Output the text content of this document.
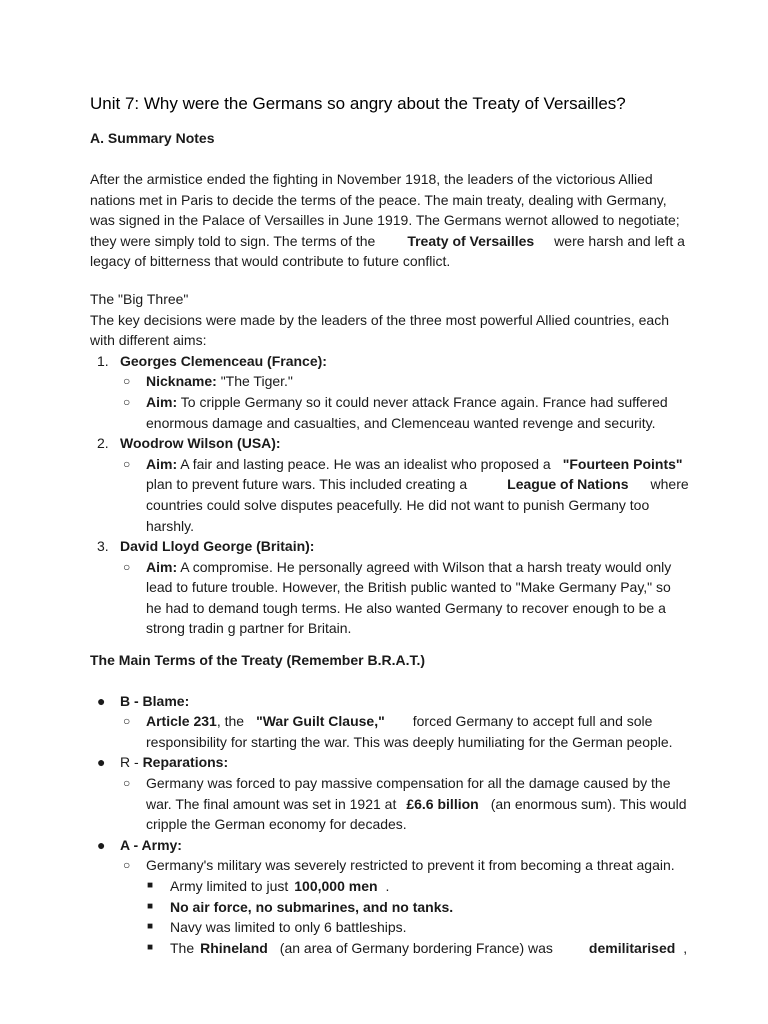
Unit 7: Why were the Germans so angry about the Treaty of Versailles?
A. Summary Notes
After the armistice ended the fighting in November 1918, the leaders of the victorious Allied
nations met in Paris to decide the terms of the peace. The main treaty, dealing with Germany,
was signed in the Palace of Versailles in June 1919. The Germans wernot allowed to negotiate;
they were simply told to sign. The terms of the Treaty of Versailles were harsh and left a
legacy of bitterness that would contribute to future conflict.
The "Big Three"
The key decisions were made by the leaders of the three most powerful Allied countries, each
with different aims:
1. Georges Clemenceau (France):
○ Nickname: "The Tiger."
○ Aim: To cripple Germany so it could never attack France again. France had suffered
enormous damage and casualties, and Clemenceau wanted revenge and security.
2. Woodrow Wilson (USA):
○ Aim: A fair and lasting peace. He was an idealist who proposed a "Fourteen Points"
plan to prevent future wars. This included creating a	League of Nations where
countries could solve disputes peacefully. He did not want to punish Germany too
harshly.
3. David Lloyd George (Britain):
○ Aim: A compromise. He personally agreed with Wilson that a harsh treaty would only
lead to future trouble. However, the British public wanted to "Make Germany Pay," so
he had to demand tough terms. He also wanted Germany to recover enough to be a
strong tradin g partner for Britain.
The Main Terms of the Treaty (Remember B.R.A.T.)
● B - Blame:
○ Article 231, the "War Guilt Clause," forced Germany to accept full and sole
responsibility for starting the war. This was deeply humiliating for the German people.
● R - Reparations:
○ Germany was forced to pay massive compensation for all the damage caused by the
war. The final amount was set in 1921 at £6.6 billion (an enormous sum). This would
cripple the German economy for decades.
● A - Army:
○ Germany's military was severely restricted to prevent it from becoming a threat again.
■ Army limited to just 100,000 men .
■ No air force, no submarines, and no tanks.
■ Navy was limited to only 6 battleships.
■ The Rhineland (an area of Germany bordering France) was	demilitarised ,
